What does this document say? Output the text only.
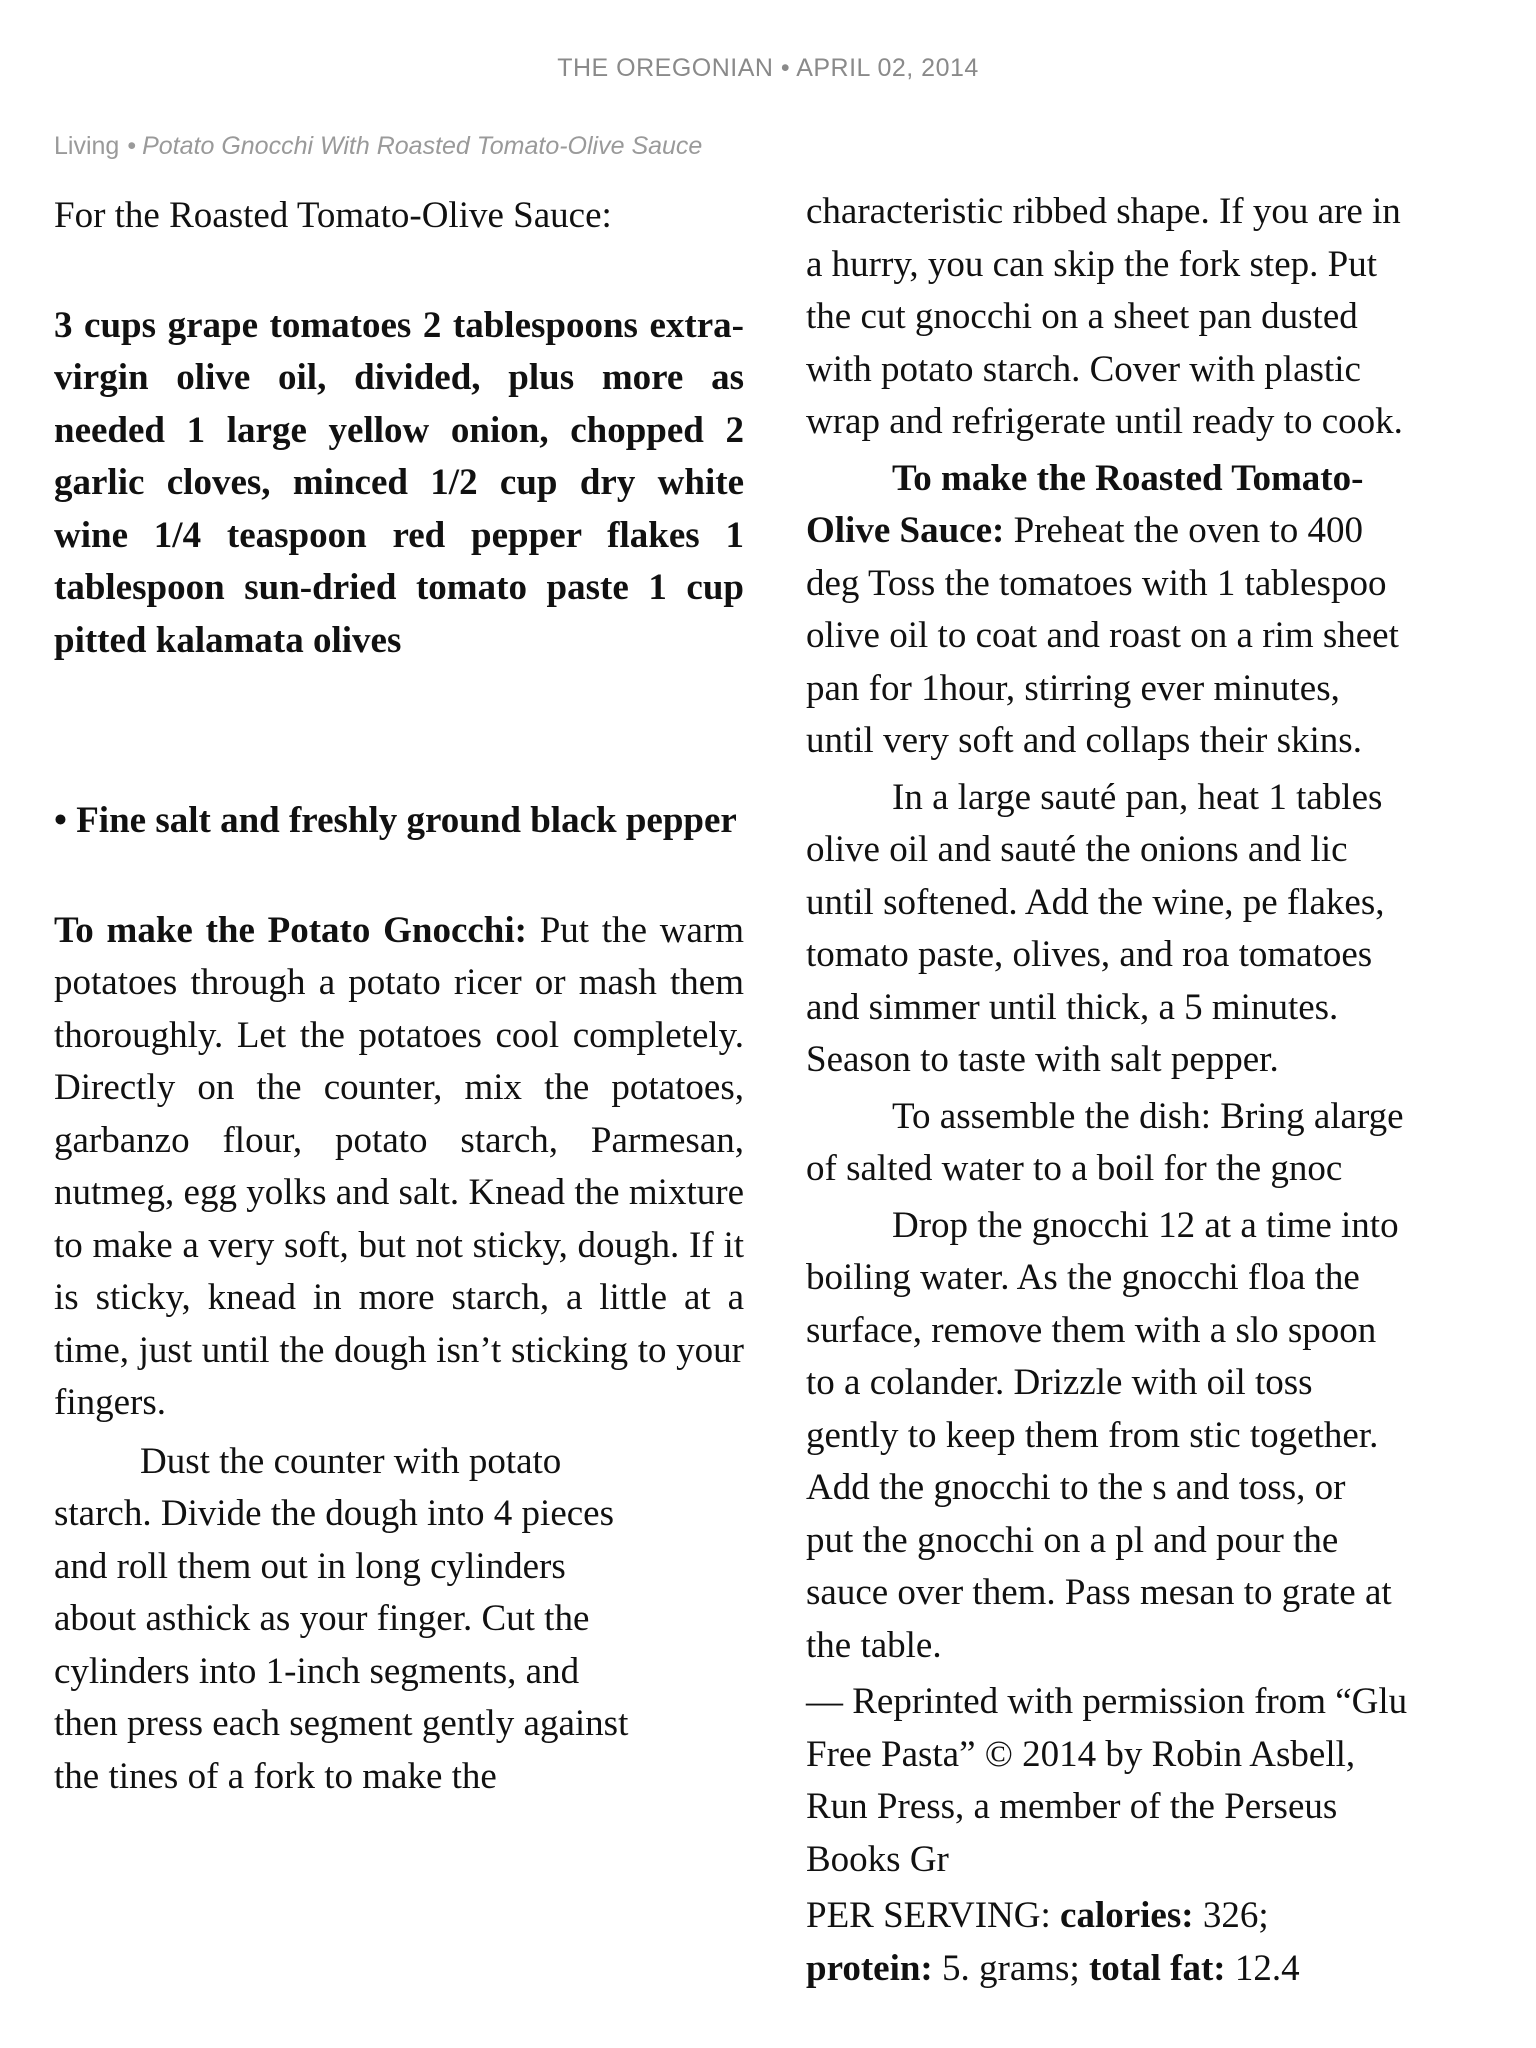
THE OREGONIAN • APRIL 02, 2014
Living • Potato Gnocchi With Roasted Tomato-Olive Sauce

For the Roasted Tomato-Olive Sauce:

3 cups grape tomatoes 2 tablespoons extra-virgin olive oil, divided, plus more as needed 1 large yellow onion, chopped 2 garlic cloves, minced 1/2 cup dry white wine 1/4 teaspoon red pepper flakes 1 tablespoon sun-dried tomato paste 1 cup pitted kalamata olives

• Fine salt and freshly ground black pepper

To make the Potato Gnocchi: Put the warm potatoes through a potato ricer or mash them thoroughly. Let the potatoes cool completely. Directly on the counter, mix the potatoes, garbanzo flour, potato starch, Parmesan, nutmeg, egg yolks and salt. Knead the mixture to make a very soft, but not sticky, dough. If it is sticky, knead in more starch, a little at a time, just until the dough isn’t sticking to your fingers.

Dust the counter with potato
starch. Divide the dough into 4 pieces
and roll them out in long cylinders
about asthick as your finger. Cut the
cylinders into 1-inch segments, and
then press each segment gently against
the tines of a fork to make the
characteristic ribbed shape. If you are in
a hurry, you can skip the fork step. Put
the cut gnocchi on a sheet pan dusted
with potato starch. Cover with plastic
wrap and refrigerate until ready to cook.
To make the Roasted Tomato-
Olive Sauce: Preheat the oven to 400
deg Toss the tomatoes with 1 tablespoo
olive oil to coat and roast on a rim sheet
pan for 1hour, stirring ever minutes,
until very soft and collaps their skins.
In a large sauté pan, heat 1 tables
olive oil and sauté the onions and lic
until softened. Add the wine, pe flakes,
tomato paste, olives, and roa tomatoes
and simmer until thick, a 5 minutes.
Season to taste with salt pepper.
To assemble the dish: Bring alarge
of salted water to a boil for the gnoc
Drop the gnocchi 12 at a time into
boiling water. As the gnocchi floa the
surface, remove them with a slo spoon
to a colander. Drizzle with oil toss
gently to keep them from stic together.
Add the gnocchi to the s and toss, or
put the gnocchi on a pl and pour the
sauce over them. Pass mesan to grate at
the table.
— Reprinted with permission from “Glu
Free Pasta” © 2014 by Robin Asbell,
Run Press, a member of the Perseus
Books Gr
PER SERVING: calories: 326;
protein: 5. grams; total fat: 12.4
